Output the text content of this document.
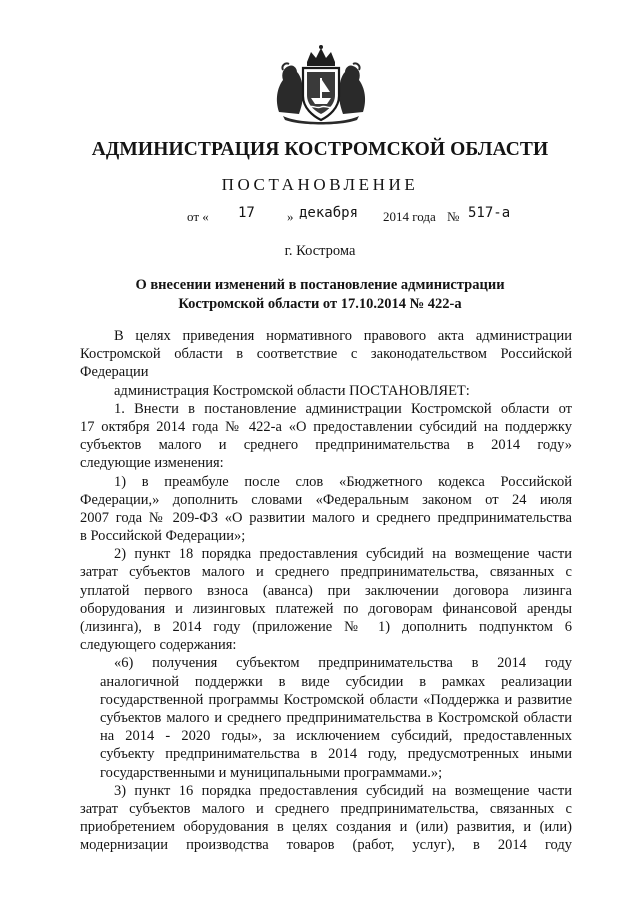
АДМИНИСТРАЦИЯ КОСТРОМСКОЙ ОБЛАСТИ
ПОСТАНОВЛЕНИЕ
от « 17 » декабря 2014 года № 517-а
г. Кострома
О внесении изменений в постановление администрации
Костромской области от 17.10.2014 № 422-а
В целях приведения нормативного правового акта администрации
Костромской области в соответствие с законодательством Российской
Федерации
администрация Костромской области ПОСТАНОВЛЯЕТ:
1. Внести в постановление администрации Костромской области от
17 октября 2014 года № 422-а «О предоставлении субсидий на поддержку
субъектов малого и среднего предпринимательства в 2014 году»
следующие изменения:
1) в преамбуле после слов «Бюджетного кодекса Российской
Федерации,» дополнить словами «Федеральным законом от 24 июля
2007 года № 209-ФЗ «О развитии малого и среднего предпринимательства
в Российской Федерации»;
2) пункт 18 порядка предоставления субсидий на возмещение части
затрат субъектов малого и среднего предпринимательства, связанных с
уплатой первого взноса (аванса) при заключении договора лизинга
оборудования и лизинговых платежей по договорам финансовой аренды
(лизинга), в 2014 году (приложение № 1) дополнить подпунктом 6
следующего содержания:
«6) получения субъектом предпринимательства в 2014 году
аналогичной поддержки в виде субсидии в рамках реализации
государственной программы Костромской области «Поддержка и развитие
субъектов малого и среднего предпринимательства в Костромской области
на 2014 - 2020 годы», за исключением субсидий, предоставленных
субъекту предпринимательства в 2014 году, предусмотренных иными
государственными и муниципальными программами.»;
3) пункт 16 порядка предоставления субсидий на возмещение части
затрат субъектов малого и среднего предпринимательства, связанных с
приобретением оборудования в целях создания и (или) развития, и (или)
модернизации производства товаров (работ, услуг), в 2014 году
